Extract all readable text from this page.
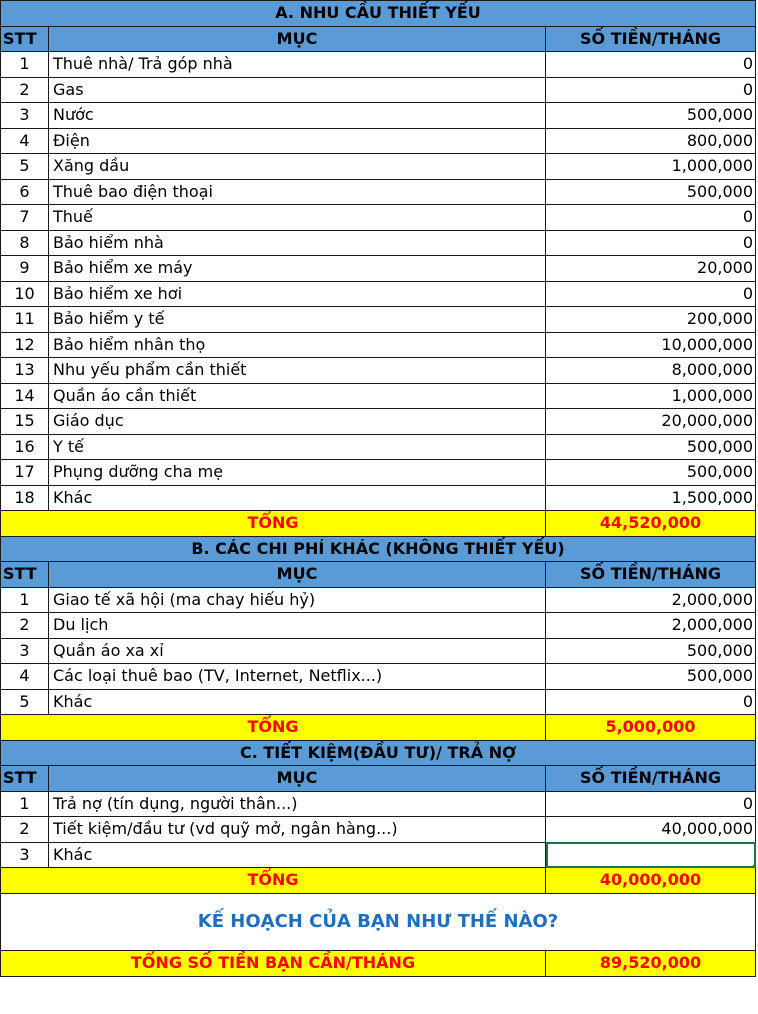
A. NHU CẦU THIẾT YẾU		
STT	MỤC	SỐ TIỀN/THÁNG
1	Thuê nhà/ Trả góp nhà	0
2	Gas	0
3	Nước	500,000
4	Điện	800,000
5	Xăng dầu	1,000,000
6	Thuê bao điện thoại	500,000
7	Thuế	0
8	Bảo hiểm nhà	0
9	Bảo hiểm xe máy	20,000
10	Bảo hiểm xe hơi	0
11	Bảo hiểm y tế	200,000
12	Bảo hiểm nhân thọ	10,000,000
13	Nhu yếu phẩm cần thiết	8,000,000
14	Quần áo cần thiết	1,000,000
15	Giáo dục	20,000,000
16	Y tế	500,000
17	Phụng dưỡng cha mẹ	500,000
18	Khác	1,500,000
TỔNG		44,520,000
B. CÁC CHI PHÍ KHÁC (KHÔNG THIẾT YẾU)		
STT	MỤC	SỐ TIỀN/THÁNG
1	Giao tế xã hội (ma chay hiếu hỷ)	2,000,000
2	Du lịch	2,000,000
3	Quần áo xa xỉ	500,000
4	Các loại thuê bao (TV, Internet, Netflix...)	500,000
5	Khác	0
TỔNG		5,000,000
C. TIẾT KIỆM(ĐẦU TƯ)/ TRẢ NỢ		
STT	MỤC	SỐ TIỀN/THÁNG
1	Trả nợ (tín dụng, người thân...)	0
2	Tiết kiệm/đầu tư (vd quỹ mở, ngân hàng...)	40,000,000
3	Khác	

TỔNG		40,000,000
KẾ HOẠCH CỦA BẠN NHƯ THẾ NÀO?		
TỔNG SỐ TIỀN BẠN CẦN/THÁNG		89,520,000
